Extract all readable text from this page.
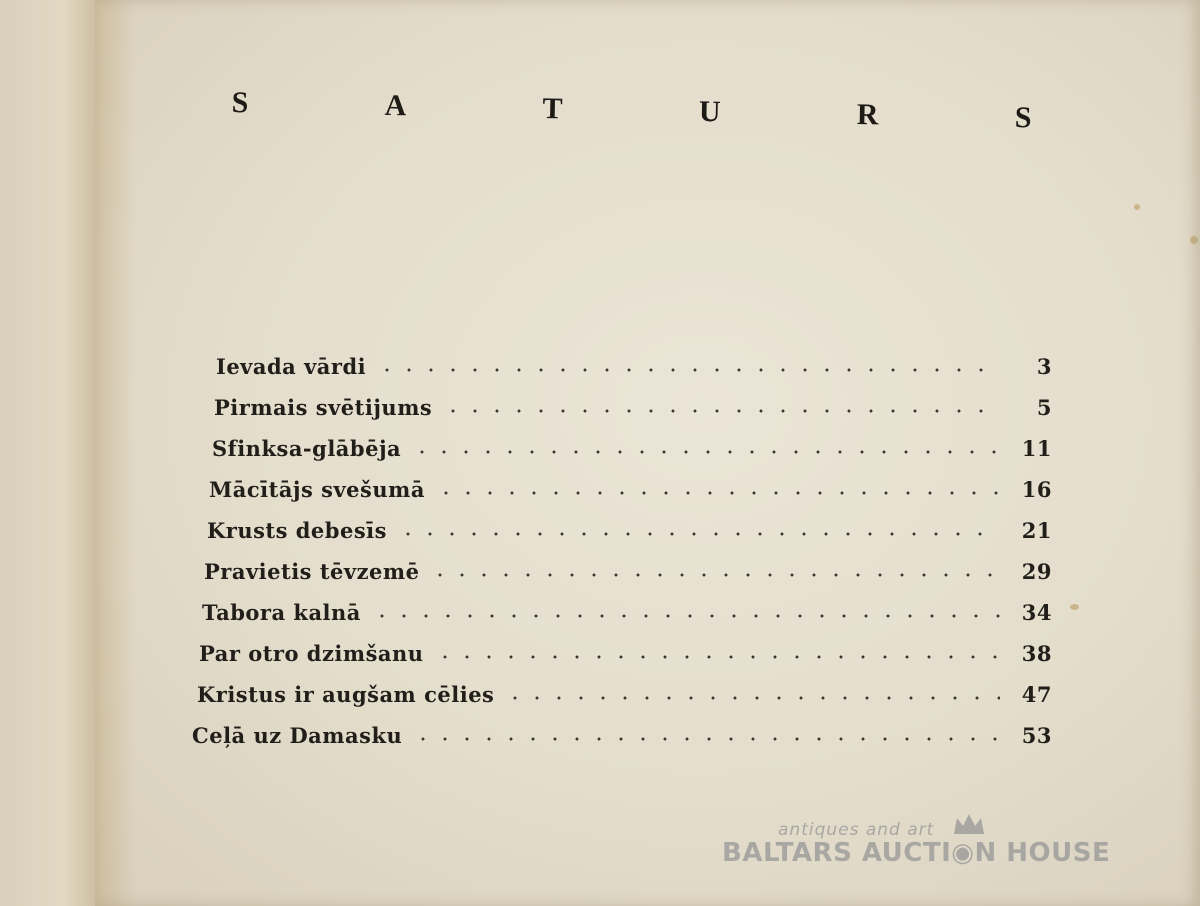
S	A	T	U	R	S
Ievada vārdi	3
Pirmais svētijums	5
Sfinksa-glābēja	11
Mācītājs svešumā	16
Krusts debesīs	21
Pravietis tēvzemē	29
Tabora kalnā	34
Par otro dzimšanu	38
Kristus ir augšam cēlies	47
Ceļā uz Damasku	53
antiques and art
BALTARS AUCTI◉N HOUSE
